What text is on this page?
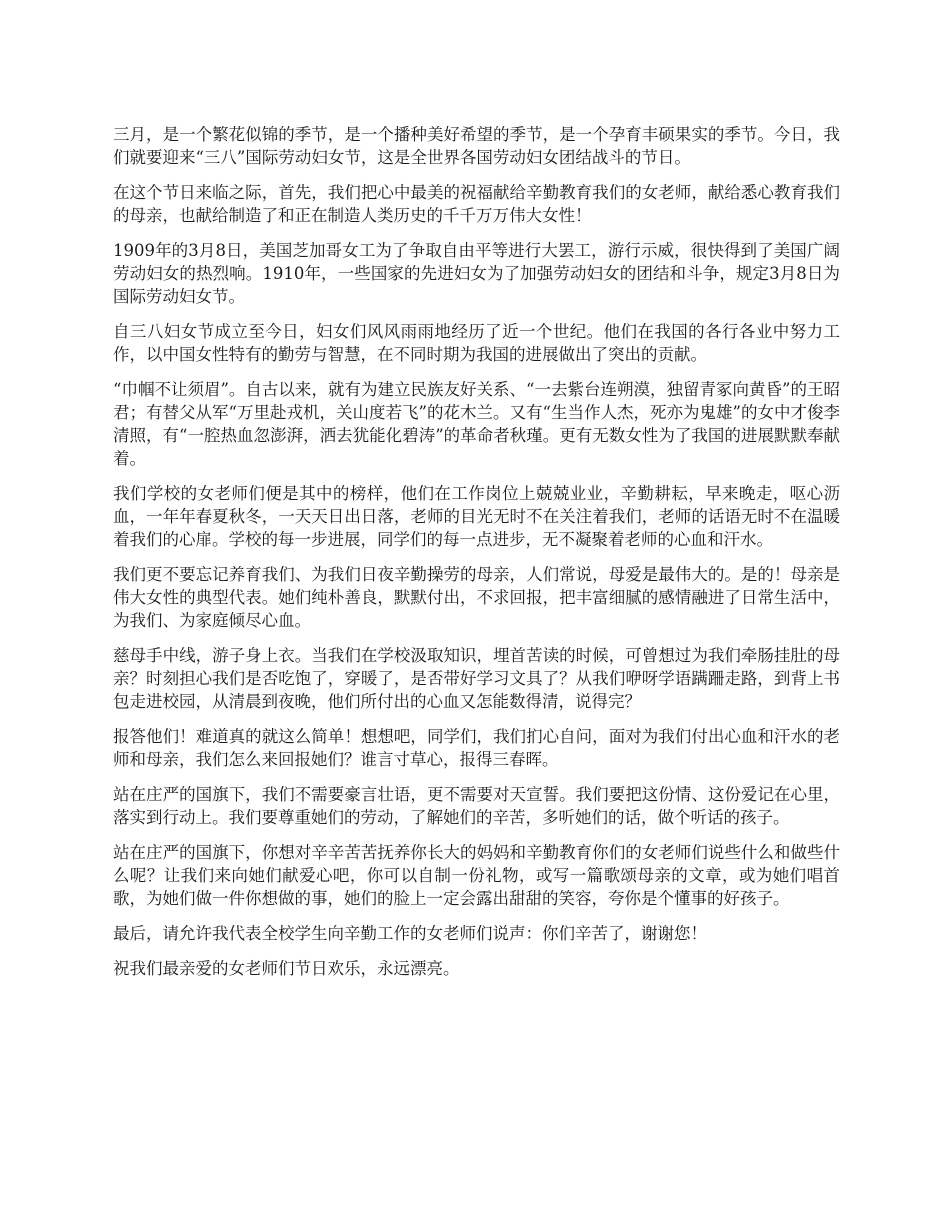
三月，是一个繁花似锦的季节，是一个播种美好希望的季节，是一个孕育丰硕果实的季节。今日，我们就要迎来“三八”国际劳动妇女节，这是全世界各国劳动妇女团结战斗的节日。

在这个节日来临之际，首先，我们把心中最美的祝福献给辛勤教育我们的女老师，献给悉心教育我们的母亲，也献给制造了和正在制造人类历史的千千万万伟大女性！

1909年的3月8日，美国芝加哥女工为了争取自由平等进行大罢工，游行示威，很快得到了美国广阔劳动妇女的热烈响。1910年，一些国家的先进妇女为了加强劳动妇女的团结和斗争，规定3月8日为国际劳动妇女节。

自三八妇女节成立至今日，妇女们风风雨雨地经历了近一个世纪。他们在我国的各行各业中努力工作，以中国女性特有的勤劳与智慧，在不同时期为我国的进展做出了突出的贡献。

“巾帼不让须眉”。自古以来，就有为建立民族友好关系、“一去紫台连朔漠，独留青冢向黄昏”的王昭君；有替父从军“万里赴戎机，关山度若飞”的花木兰。又有“生当作人杰，死亦为鬼雄”的女中才俊李清照，有“一腔热血忽澎湃，洒去犹能化碧涛”的革命者秋瑾。更有无数女性为了我国的进展默默奉献着。

我们学校的女老师们便是其中的榜样，他们在工作岗位上兢兢业业，辛勤耕耘，早来晚走，呕心沥血，一年年春夏秋冬，一天天日出日落，老师的目光无时不在关注着我们，老师的话语无时不在温暖着我们的心扉。学校的每一步进展，同学们的每一点进步，无不凝聚着老师的心血和汗水。

我们更不要忘记养育我们、为我们日夜辛勤操劳的母亲，人们常说，母爱是最伟大的。是的！母亲是伟大女性的典型代表。她们纯朴善良，默默付出，不求回报，把丰富细腻的感情融进了日常生活中，为我们、为家庭倾尽心血。

慈母手中线，游子身上衣。当我们在学校汲取知识，埋首苦读的时候，可曾想过为我们牵肠挂肚的母亲？时刻担心我们是否吃饱了，穿暖了，是否带好学习文具了？从我们咿呀学语蹒跚走路，到背上书包走进校园，从清晨到夜晚，他们所付出的心血又怎能数得清，说得完？

报答他们！难道真的就这么简单！想想吧，同学们，我们扪心自问，面对为我们付出心血和汗水的老师和母亲，我们怎么来回报她们？谁言寸草心，报得三春晖。

站在庄严的国旗下，我们不需要豪言壮语，更不需要对天宣誓。我们要把这份情、这份爱记在心里，落实到行动上。我们要尊重她们的劳动，了解她们的辛苦，多听她们的话，做个听话的孩子。

站在庄严的国旗下，你想对辛辛苦苦抚养你长大的妈妈和辛勤教育你们的女老师们说些什么和做些什么呢？让我们来向她们献爱心吧，你可以自制一份礼物，或写一篇歌颂母亲的文章，或为她们唱首歌，为她们做一件你想做的事，她们的脸上一定会露出甜甜的笑容，夸你是个懂事的好孩子。

最后，请允许我代表全校学生向辛勤工作的女老师们说声：你们辛苦了，谢谢您！

祝我们最亲爱的女老师们节日欢乐，永远漂亮。
